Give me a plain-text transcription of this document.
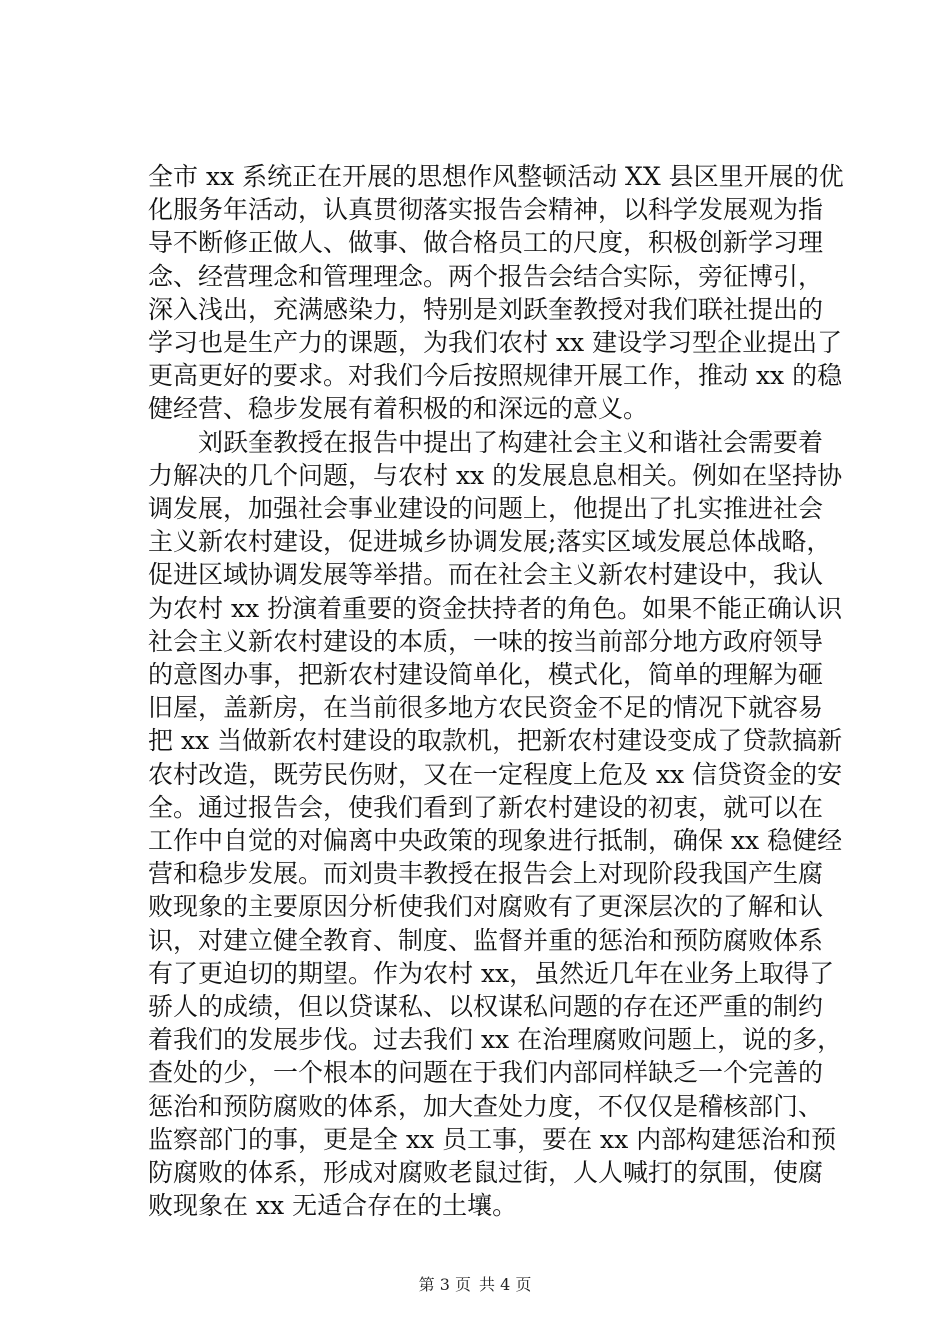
全市 xx 系统正在开展的思想作风整顿活动 XX 县区里开展的优
化服务年活动，认真贯彻落实报告会精神，以科学发展观为指
导不断修正做人、做事、做合格员工的尺度，积极创新学习理
念、经营理念和管理理念。两个报告会结合实际，旁征博引，
深入浅出，充满感染力，特别是刘跃奎教授对我们联社提出的
学习也是生产力的课题，为我们农村 xx 建设学习型企业提出了
更高更好的要求。对我们今后按照规律开展工作，推动 xx 的稳
健经营、稳步发展有着积极的和深远的意义。

　　刘跃奎教授在报告中提出了构建社会主义和谐社会需要着
力解决的几个问题，与农村 xx 的发展息息相关。例如在坚持协
调发展，加强社会事业建设的问题上，他提出了扎实推进社会
主义新农村建设，促进城乡协调发展;落实区域发展总体战略，
促进区域协调发展等举措。而在社会主义新农村建设中，我认
为农村 xx 扮演着重要的资金扶持者的角色。如果不能正确认识
社会主义新农村建设的本质，一味的按当前部分地方政府领导
的意图办事，把新农村建设简单化，模式化，简单的理解为砸
旧屋，盖新房，在当前很多地方农民资金不足的情况下就容易
把 xx 当做新农村建设的取款机，把新农村建设变成了贷款搞新
农村改造，既劳民伤财，又在一定程度上危及 xx 信贷资金的安
全。通过报告会，使我们看到了新农村建设的初衷，就可以在
工作中自觉的对偏离中央政策的现象进行抵制，确保 xx 稳健经
营和稳步发展。而刘贵丰教授在报告会上对现阶段我国产生腐
败现象的主要原因分析使我们对腐败有了更深层次的了解和认
识，对建立健全教育、制度、监督并重的惩治和预防腐败体系
有了更迫切的期望。作为农村 xx，虽然近几年在业务上取得了
骄人的成绩，但以贷谋私、以权谋私问题的存在还严重的制约
着我们的发展步伐。过去我们 xx 在治理腐败问题上，说的多，
查处的少，一个根本的问题在于我们内部同样缺乏一个完善的
惩治和预防腐败的体系，加大查处力度，不仅仅是稽核部门、
监察部门的事，更是全 xx 员工事，要在 xx 内部构建惩治和预
防腐败的体系，形成对腐败老鼠过街，人人喊打的氛围，使腐
败现象在 xx 无适合存在的土壤。

第 3 页 共 4 页
